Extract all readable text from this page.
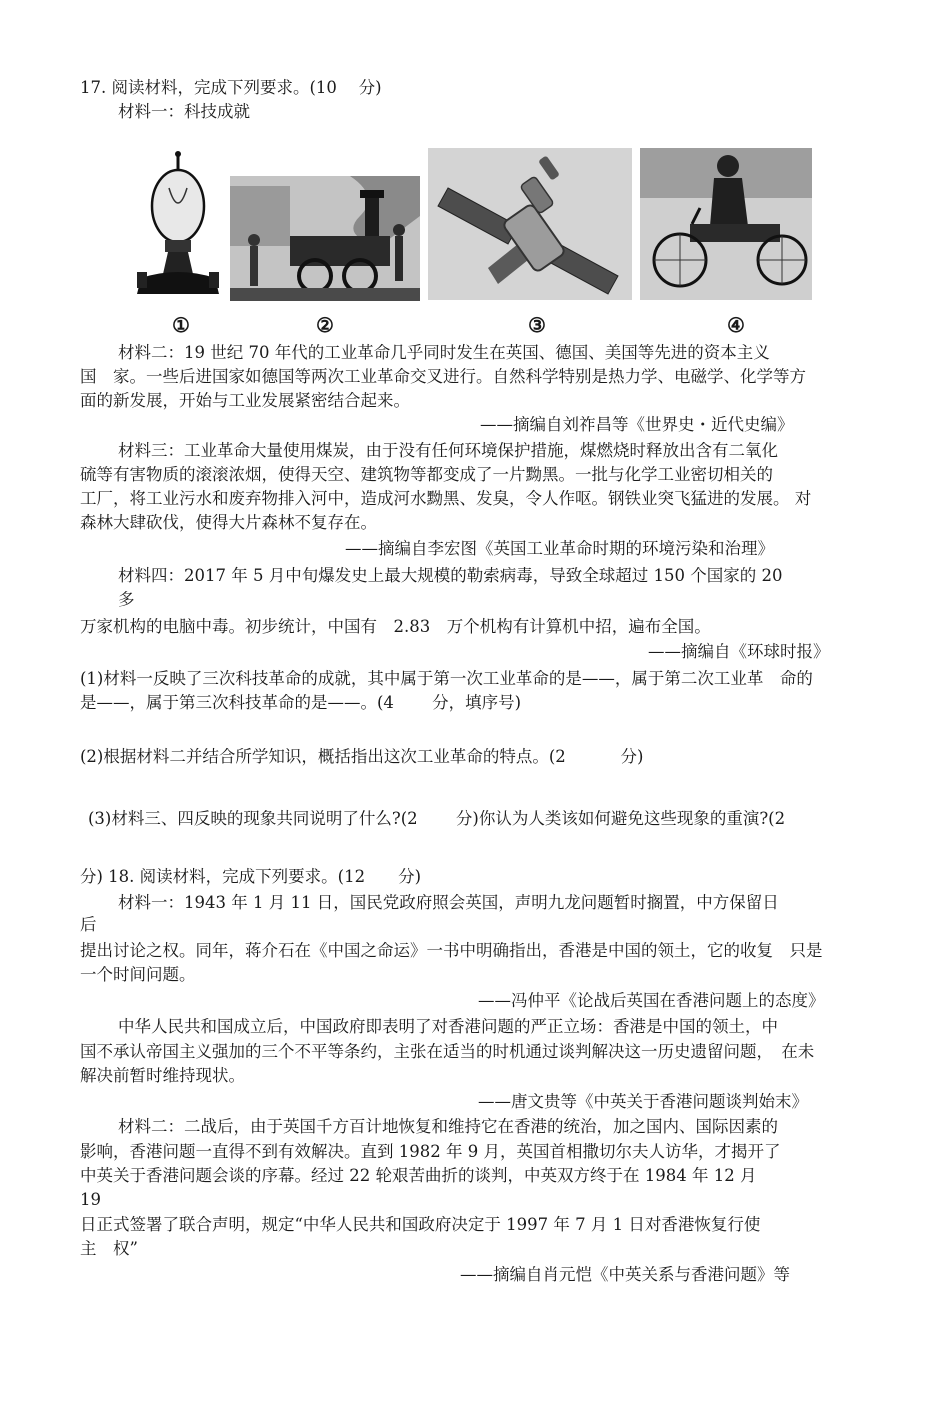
17. 阅读材料，完成下列要求。(10　 分)
材料一：科技成就
①	②	③	④
材料二：19 世纪 70 年代的工业革命几乎同时发生在英国、德国、美国等先进的资本主义
国　家。一些后进国家如德国等两次工业革命交叉进行。自然科学特别是热力学、电磁学、化学等方
面的新发展，开始与工业发展紧密结合起来。
——摘编自刘祚昌等《世界史・近代史编》
材料三：工业革命大量使用煤炭，由于没有任何环境保护措施，煤燃烧时释放出含有二氧化
硫等有害物质的滚滚浓烟，使得天空、建筑物等都变成了一片黝黑。一批与化学工业密切相关的
工厂，将工业污水和废弃物排入河中，造成河水黝黑、发臭，令人作呕。钢铁业突飞猛进的发展。 对
森林大肆砍伐，使得大片森林不复存在。
——摘编自李宏图《英国工业革命时期的环境污染和治理》
材料四：2017 年 5 月中旬爆发史上最大规模的勒索病毒，导致全球超过 150 个国家的 20
多
万家机构的电脑中毒。初步统计，中国有　2.83　万个机构有计算机中招，遍布全国。
——摘编自《环球时报》
(1)材料一反映了三次科技革命的成就，其中属于第一次工业革命的是——，属于第二次工业革　命的
是——，属于第三次科技革命的是——。(4　　 分，填序号)
(2)根据材料二并结合所学知识，概括指出这次工业革命的特点。(2　　　 分)
(3)材料三、四反映的现象共同说明了什么?(2　　 分)你认为人类该如何避免这些现象的重演?(2
分) 18. 阅读材料，完成下列要求。(12　　分)
材料一：1943 年 1 月 11 日，国民党政府照会英国，声明九龙问题暂时搁置，中方保留日
后
提出讨论之权。同年，蒋介石在《中国之命运》一书中明确指出，香港是中国的领土，它的收复　只是
一个时间问题。
——冯仲平《论战后英国在香港问题上的态度》
中华人民共和国成立后，中国政府即表明了对香港问题的严正立场：香港是中国的领土，中
国不承认帝国主义强加的三个不平等条约，主张在适当的时机通过谈判解决这一历史遗留问题，　在未
解决前暂时维持现状。
——唐文贵等《中英关于香港问题谈判始末》
材料二：二战后，由于英国千方百计地恢复和维持它在香港的统治，加之国内、国际因素的
影响，香港问题一直得不到有效解决。直到 1982 年 9 月，英国首相撒切尔夫人访华，才揭开了
中英关于香港问题会谈的序幕。经过 22 轮艰苦曲折的谈判，中英双方终于在 1984 年 12 月
19
日正式签署了联合声明，规定“中华人民共和国政府决定于 1997 年 7 月 1 日对香港恢复行使
主　权”
——摘编自肖元恺《中英关系与香港问题》等
